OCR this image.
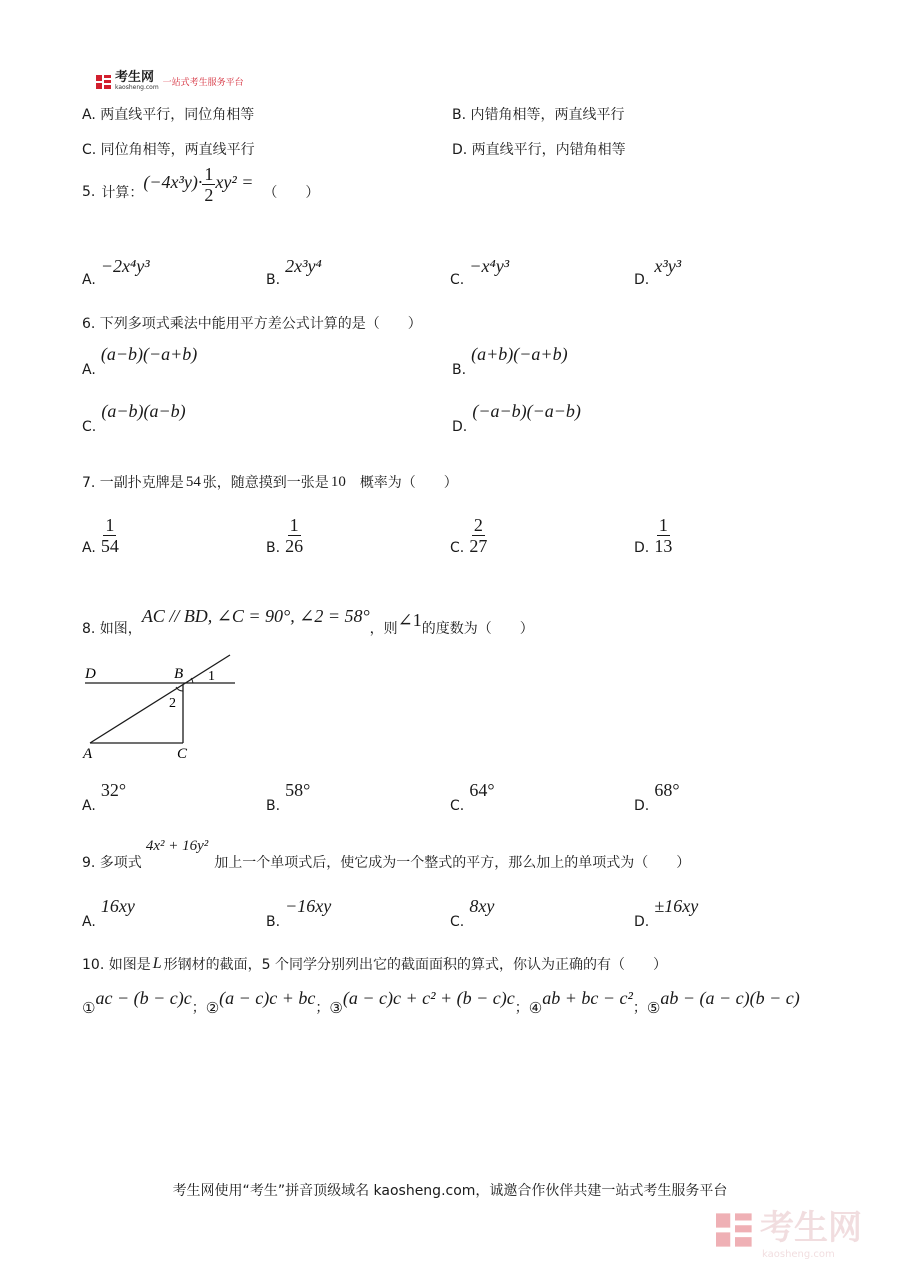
考生网
kaosheng.com 一站式考生服务平台
A. 两直线平行，同位角相等	B. 内错角相等，两直线平行
C. 同位角相等，两直线平行	D. 两直线平行，内错角相等
5. 计算：
$(-4x^3y)\cdot \frac{1}{2} xy^2$ =
（　　）
A. −2x⁴y³
B. 2x³y⁴
C. −x⁴y³
D. x³y³
6. 下列多项式乘法中能用平方差公式计算的是（　　）
A. (a−b)(−a+b)
B. (a+b)(−a+b)
C. (a−b)(a−b)
D. (−a−b)(−a−b)
7. 一副扑克牌是 54 张，随意摸到一张是 10 概率为（　　）
A. $\frac{1}{54}$	B. $\frac{1}{26}$	C. $\frac{2}{27}$	D. $\frac{1}{13}$
8. 如图，
AC // BD, ∠C = 90°, ∠2 = 58°
，则 ∠1 的度数为（　　）
D	B 1
2
A	C
A. 32°
B. 58°
C. 64°
D. 68°
9. 多项式
4x² + 16y²
加上一个单项式后，使它成为一个整式的平方，那么加上的单项式为（　　）
A. 16xy
B. −16xy
C. 8xy
D. ±16xy
10. 如图是 L 形钢材的截面，5 个同学分别列出它的截面面积的算式，你认为正确的有（　　）
① ac − (b − c)c ； ② (a − c)c + bc ； ③ (a − c)c + c² + (b − c)c ； ④ ab + bc − c² ； ⑤ ab − (a − c)(b − c)
考生网使用“考生”拼音顶级域名 kaosheng.com，诚邀合作伙伴共建一站式考生服务平台
考生网
kaosheng.com
